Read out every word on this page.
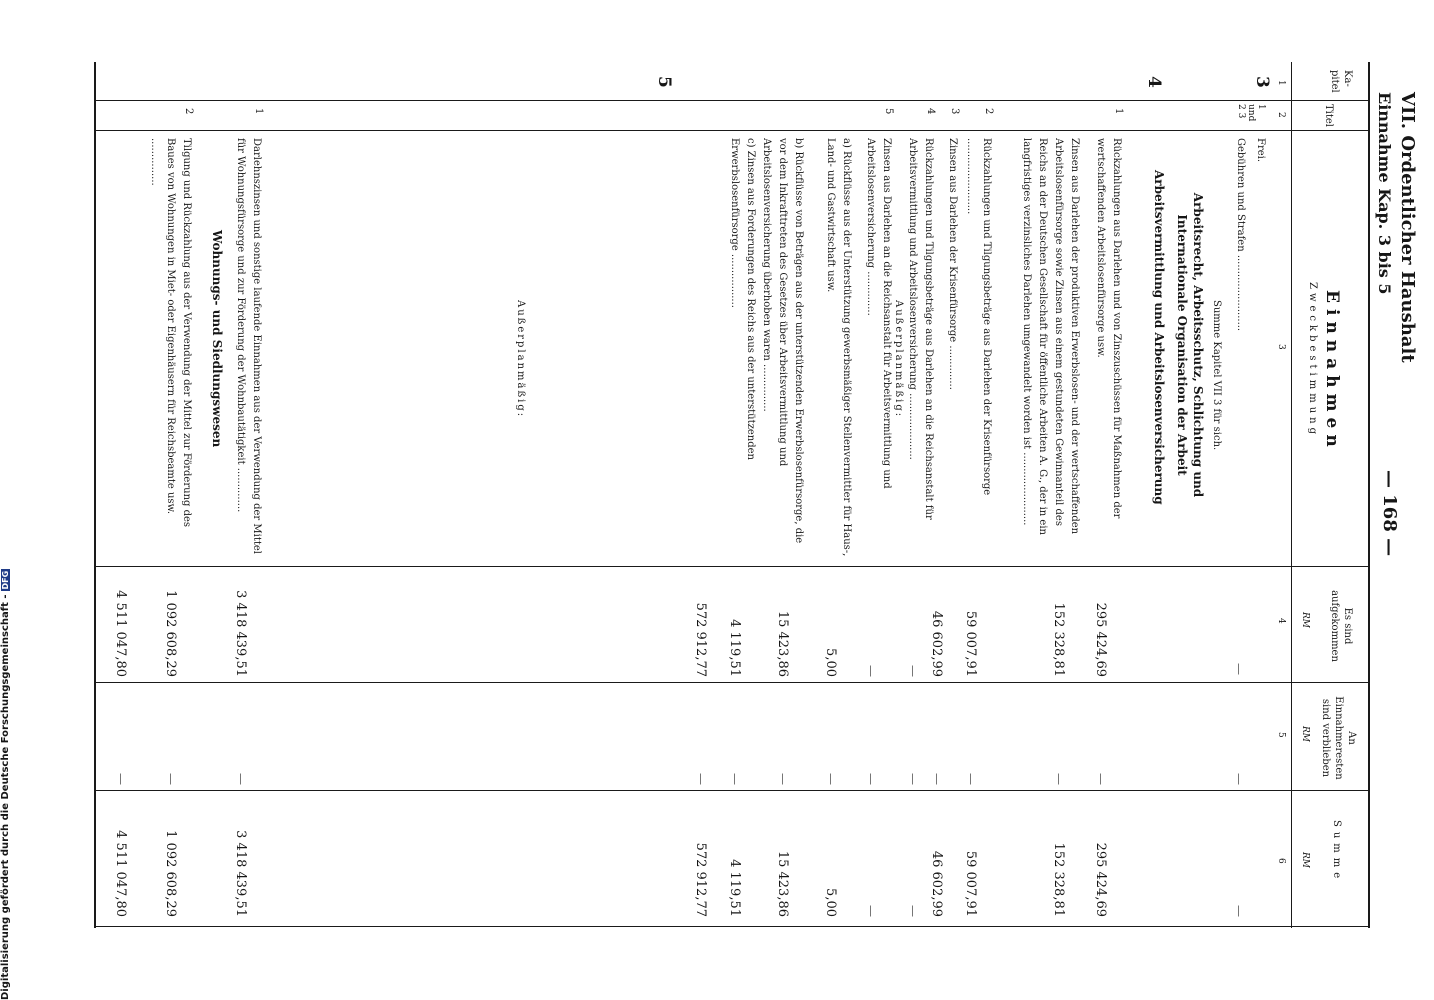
VII. Ordentlicher Haushalt
Einnahme Kap. 3 bis 5
— 168 —
Ka- pitel
Titel
Einnahmen
Zweckbestimmung
Es sind aufgekommen
An Einnahmeresten sind verblieben
Summe
RM
RM
RM
1
2
3
4
5
6
3
1 und 2 3
Frei.
Gebühren und Strafen ........................
Summe Kapitel VII 3 für sich.
—
—
—
4
Arbeitsrecht, Arbeitsschutz, Schlichtung und Internationale Organisation der Arbeit
Arbeitsvermittlung und Arbeitslosenversicherung
1
Rückzahlungen aus Darlehen und von Zinszuschüssen für Maßnahmen der wertschaffenden Arbeitslosenfürsorge usw.
295 424,69
—
295 424,69
Zinsen aus Darlehen der produktiven Erwerbslosen- und der wertschaffenden Arbeitslosenfürsorge sowie Zinsen aus einem gestundeten Gewinnanteil des Reichs an der Deutschen Gesellschaft für öffentliche Arbeiten A. G., der in ein langfristiges verzinsliches Darlehen umgewandelt worden ist .......................
152 328,81
—
152 328,81
2
Rückzahlungen und Tilgungsbeträge aus Darlehen der Krisenfürsorge ........................
59 007,91
—
59 007,91
3
Zinsen aus Darlehen der Krisenfürsorge ..............
46 602,99
—
46 602,99
4
Rückzahlungen und Tilgungsbeträge aus Darlehen an die Reichsanstalt für Arbeitsvermittlung und Arbeitslosenversicherung .....................
—
—
—
5
Zinsen aus Darlehen an die Reichsanstalt für Arbeitsvermittlung und Arbeitslosenversicherung ..............
—
—
—
a) Rückflüsse aus der Unterstützung gewerbsmäßiger Stellenvermittler für Haus-, Land- und Gastwirtschaft usw.
5,00
—
5,00
b) Rückflüsse von Beträgen aus der unterstützenden Erwerbslosenfürsorge, die vor dem Inkrafttreten des Gesetzes über Arbeitsvermittlung und Arbeitslosenversicherung überhoben waren ...............
15 423,86
—
15 423,86
c) Zinsen aus Forderungen des Reichs aus der unterstützenden Erwerbslosenfürsorge .................
4 119,51
—
4 119,51
572 912,77
—
572 912,77
1
Darlehnszinsen und sonstige laufende Einnahmen aus der Verwendung der Mittel für Wohnungsfürsorge und zur Förderung der Wohnbautätigkeit ..............
3 418 439,51
—
3 418 439,51
2
Tilgung und Rückzahlung aus der Verwendung der Mittel zur Förderung des Baues von Wohnungen in Miet- oder Eigenhäusern für Reichsbeamte usw. ...............
1 092 608,29
—
1 092 608,29
4 511 047,80
—
4 511 047,80
Außerplanmäßig:
Außerplanmäßig:
5
Wohnungs- und Siedlungswesen
Digitalisierung gefördert durch die Deutsche Forschungsgemeinschaft -DFG
